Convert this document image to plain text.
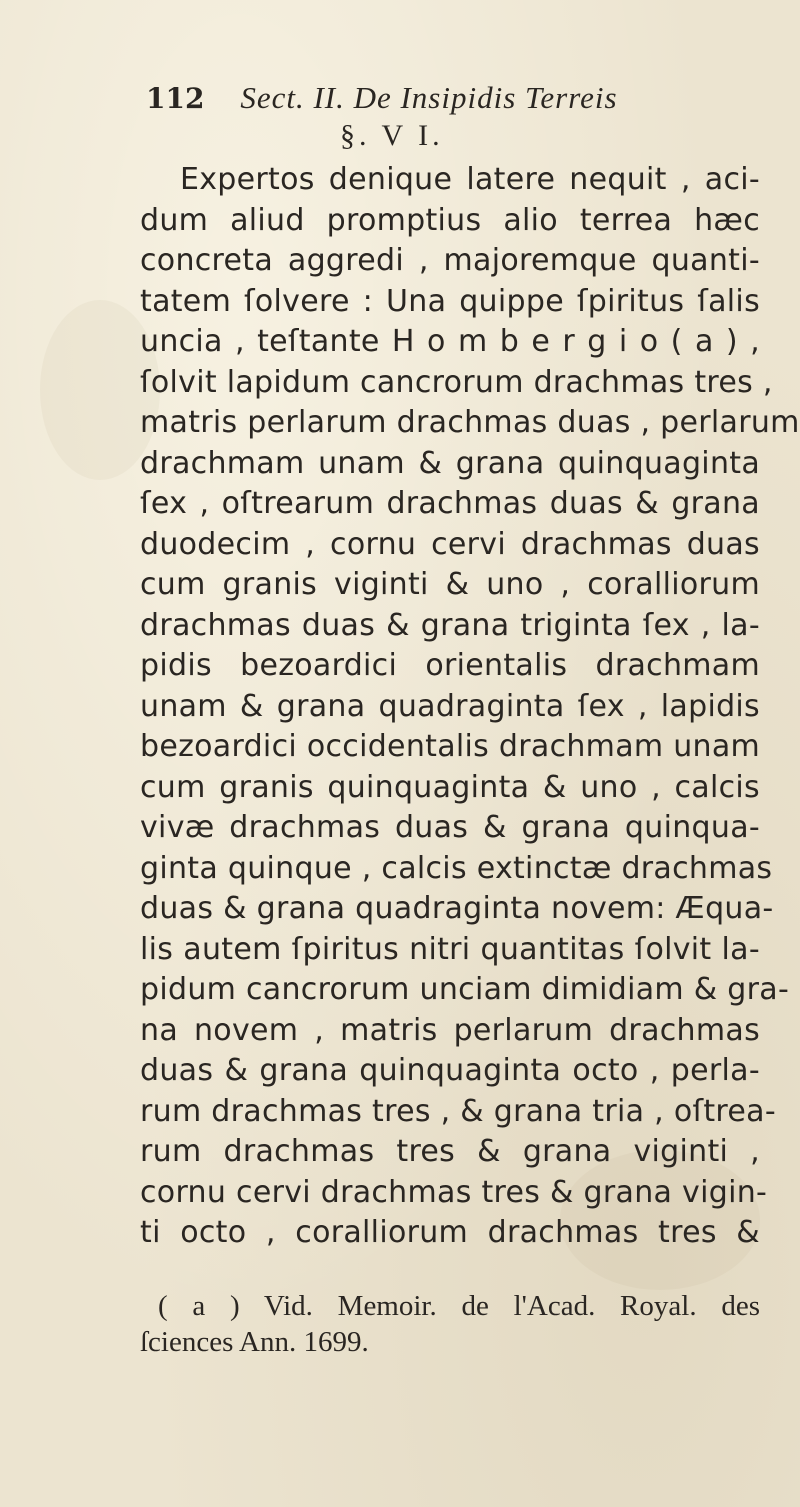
112 Sect. II. De Insipidis Terreis
§. V I.
Expertos denique latere nequit , aci-
dum aliud promptius alio terrea hæc
concreta aggredi , majoremque quanti-
tatem ſolvere : Una quippe ſpiritus ſalis
uncia , teſtante H o m b e r g i o ( a ) ,
ſolvit lapidum cancrorum drachmas tres ,
matris perlarum drachmas duas , perlarum
drachmam unam & grana quinquaginta
ſex , oſtrearum drachmas duas & grana
duodecim , cornu cervi drachmas duas
cum granis viginti & uno , coralliorum
drachmas duas & grana triginta ſex , la-
pidis bezoardici orientalis drachmam
unam & grana quadraginta ſex , lapidis
bezoardici occidentalis drachmam unam
cum granis quinquaginta & uno , calcis
vivæ drachmas duas & grana quinqua-
ginta quinque , calcis extinctæ drachmas
duas & grana quadraginta novem: Æqua-
lis autem ſpiritus nitri quantitas ſolvit la-
pidum cancrorum unciam dimidiam & gra-
na novem , matris perlarum drachmas
duas & grana quinquaginta octo , perla-
rum drachmas tres , & grana tria , oſtrea-
rum drachmas tres & grana viginti ,
cornu cervi drachmas tres & grana vigin-
ti octo , coralliorum drachmas tres &
( a ) Vid. Memoir. de l'Acad. Royal. des
ſciences Ann. 1699.
